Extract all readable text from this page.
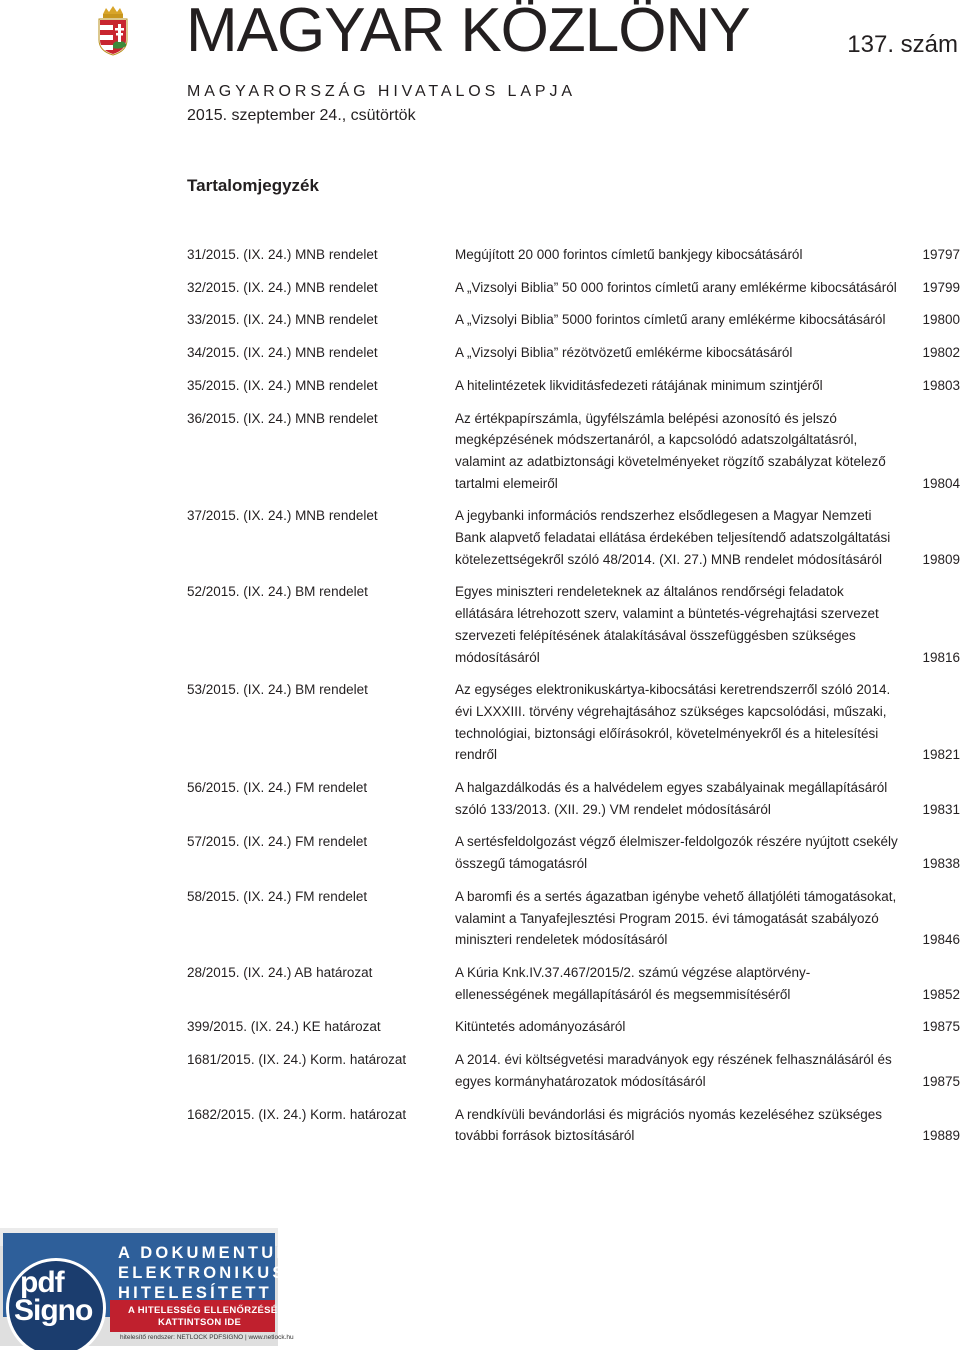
MAGYAR KÖZLÖNY	137. szám
MAGYARORSZÁG HIVATALOS LAPJA
2015. szeptember 24., csütörtök
Tartalomjegyzék
31/2015. (IX. 24.) MNB rendelet	Megújított 20 000 forintos címletű bankjegy kibocsátásáról	19797
32/2015. (IX. 24.) MNB rendelet	A „Vizsolyi Biblia” 50 000 forintos címletű arany emlékérme kibocsátásáról	19799
33/2015. (IX. 24.) MNB rendelet	A „Vizsolyi Biblia” 5000 forintos címletű arany emlékérme kibocsátásáról	19800
34/2015. (IX. 24.) MNB rendelet	A „Vizsolyi Biblia” rézötvözetű emlékérme kibocsátásáról	19802
35/2015. (IX. 24.) MNB rendelet	A hitelintézetek likviditásfedezeti rátájának minimum szintjéről	19803
36/2015. (IX. 24.) MNB rendelet	Az értékpapírszámla, ügyfélszámla belépési azonosító és jelszó megképzésének módszertanáról, a kapcsolódó adatszolgáltatásról, valamint az adatbiztonsági követelményeket rögzítő szabályzat kötelező tartalmi elemeiről	19804
37/2015. (IX. 24.) MNB rendelet	A jegybanki információs rendszerhez elsődlegesen a Magyar Nemzeti Bank alapvető feladatai ellátása érdekében teljesítendő adatszolgáltatási kötelezettségekről szóló 48/2014. (XI. 27.) MNB rendelet módosításáról	19809
52/2015. (IX. 24.) BM rendelet	Egyes miniszteri rendeleteknek az általános rendőrségi feladatok ellátására létrehozott szerv, valamint a büntetés-végrehajtási szervezet szervezeti felépítésének átalakításával összefüggésben szükséges módosításáról	19816
53/2015. (IX. 24.) BM rendelet	Az egységes elektronikuskártya-kibocsátási keretrendszerről szóló 2014. évi LXXXIII. törvény végrehajtásához szükséges kapcsolódási, műszaki, technológiai, biztonsági előírásokról, követelményekről és a hitelesítési rendről	19821
56/2015. (IX. 24.) FM rendelet	A halgazdálkodás és a halvédelem egyes szabályainak megállapításáról szóló 133/2013. (XII. 29.) VM rendelet módosításáról	19831
57/2015. (IX. 24.) FM rendelet	A sertésfeldolgozást végző élelmiszer-feldolgozók részére nyújtott csekély összegű támogatásról	19838
58/2015. (IX. 24.) FM rendelet	A baromfi és a sertés ágazatban igénybe vehető állatjóléti támogatásokat, valamint a Tanyafejlesztési Program 2015. évi támogatását szabályozó miniszteri rendeletek módosításáról	19846
28/2015. (IX. 24.) AB határozat	A Kúria Knk.IV.37.467/2015/2. számú végzése alaptörvény-ellenességének megállapításáról és megsemmisítéséről	19852
399/2015. (IX. 24.) KE határozat	Kitüntetés adományozásáról	19875
1681/2015. (IX. 24.) Korm. határozat	A 2014. évi költségvetési maradványok egy részének felhasználásáról és egyes kormányhatározatok módosításáról	19875
1682/2015. (IX. 24.) Korm. határozat	A rendkívüli bevándorlási és migrációs nyomás kezeléséhez szükséges további források biztosításáról	19889
pdf
Signo
A DOKUMENTUM
ELEKTRONIKUSAN
HITELESÍTETT
A HITELESSÉG ELLENŐRZÉSÉHEZ
KATTINTSON IDE
hitelesítő rendszer: NETLOCK PDFSIGNO | www.netlock.hu
